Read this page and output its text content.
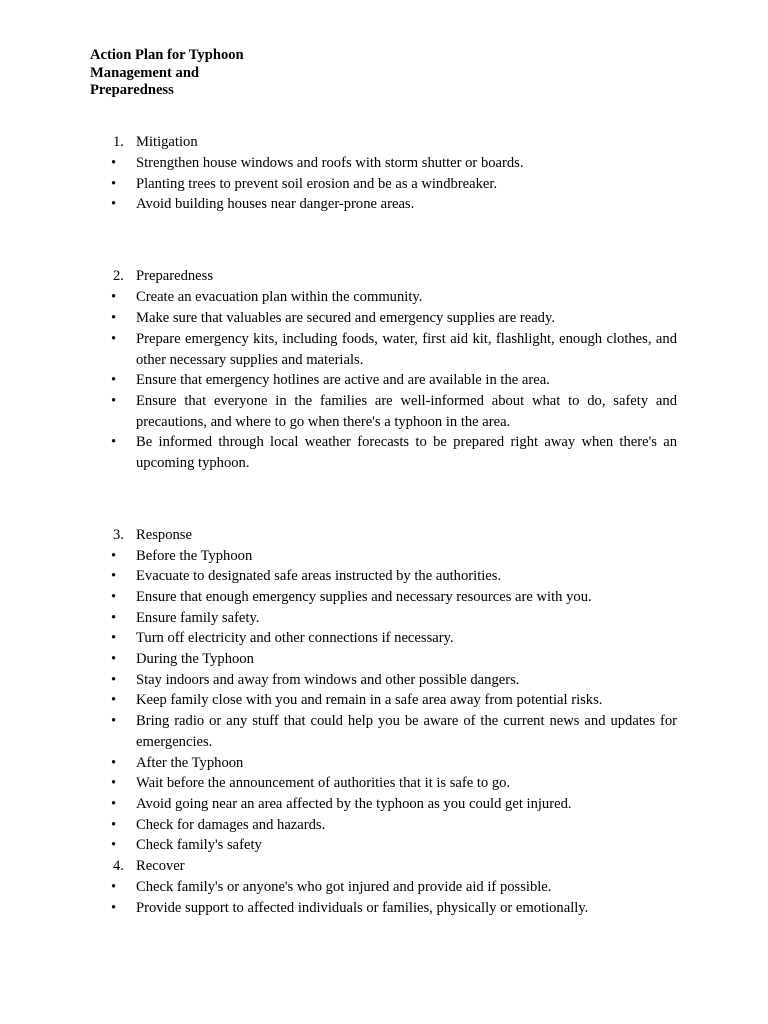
Action Plan for Typhoon
Management and
Preparedness
1. Mitigation
•	Strengthen house windows and roofs with storm shutter or boards.
•	Planting trees to prevent soil erosion and be as a windbreaker.
•	Avoid building houses near danger-prone areas.
2. Preparedness
•	Create an evacuation plan within the community.
•	Make sure that valuables are secured and emergency supplies are ready.
•	Prepare emergency kits, including foods, water, first aid kit, flashlight, enough clothes, and other necessary supplies and materials.
•	Ensure that emergency hotlines are active and are available in the area.
•	Ensure that everyone in the families are well-informed about what to do, safety and precautions, and where to go when there's a typhoon in the area.
•	Be informed through local weather forecasts to be prepared right away when there's an upcoming typhoon.
3. Response
•	Before the Typhoon
•	Evacuate to designated safe areas instructed by the authorities.
•	Ensure that enough emergency supplies and necessary resources are with you.
•	Ensure family safety.
•	Turn off electricity and other connections if necessary.
•	During the Typhoon
•	Stay indoors and away from windows and other possible dangers.
•	Keep family close with you and remain in a safe area away from potential risks.
•	Bring radio or any stuff that could help you be aware of the current news and updates for emergencies.
•	After the Typhoon
•	Wait before the announcement of authorities that it is safe to go.
•	Avoid going near an area affected by the typhoon as you could get injured.
•	Check for damages and hazards.
•	Check family's safety
4. Recover
•	Check family's or anyone's who got injured and provide aid if possible.
•	Provide support to affected individuals or families, physically or emotionally.
